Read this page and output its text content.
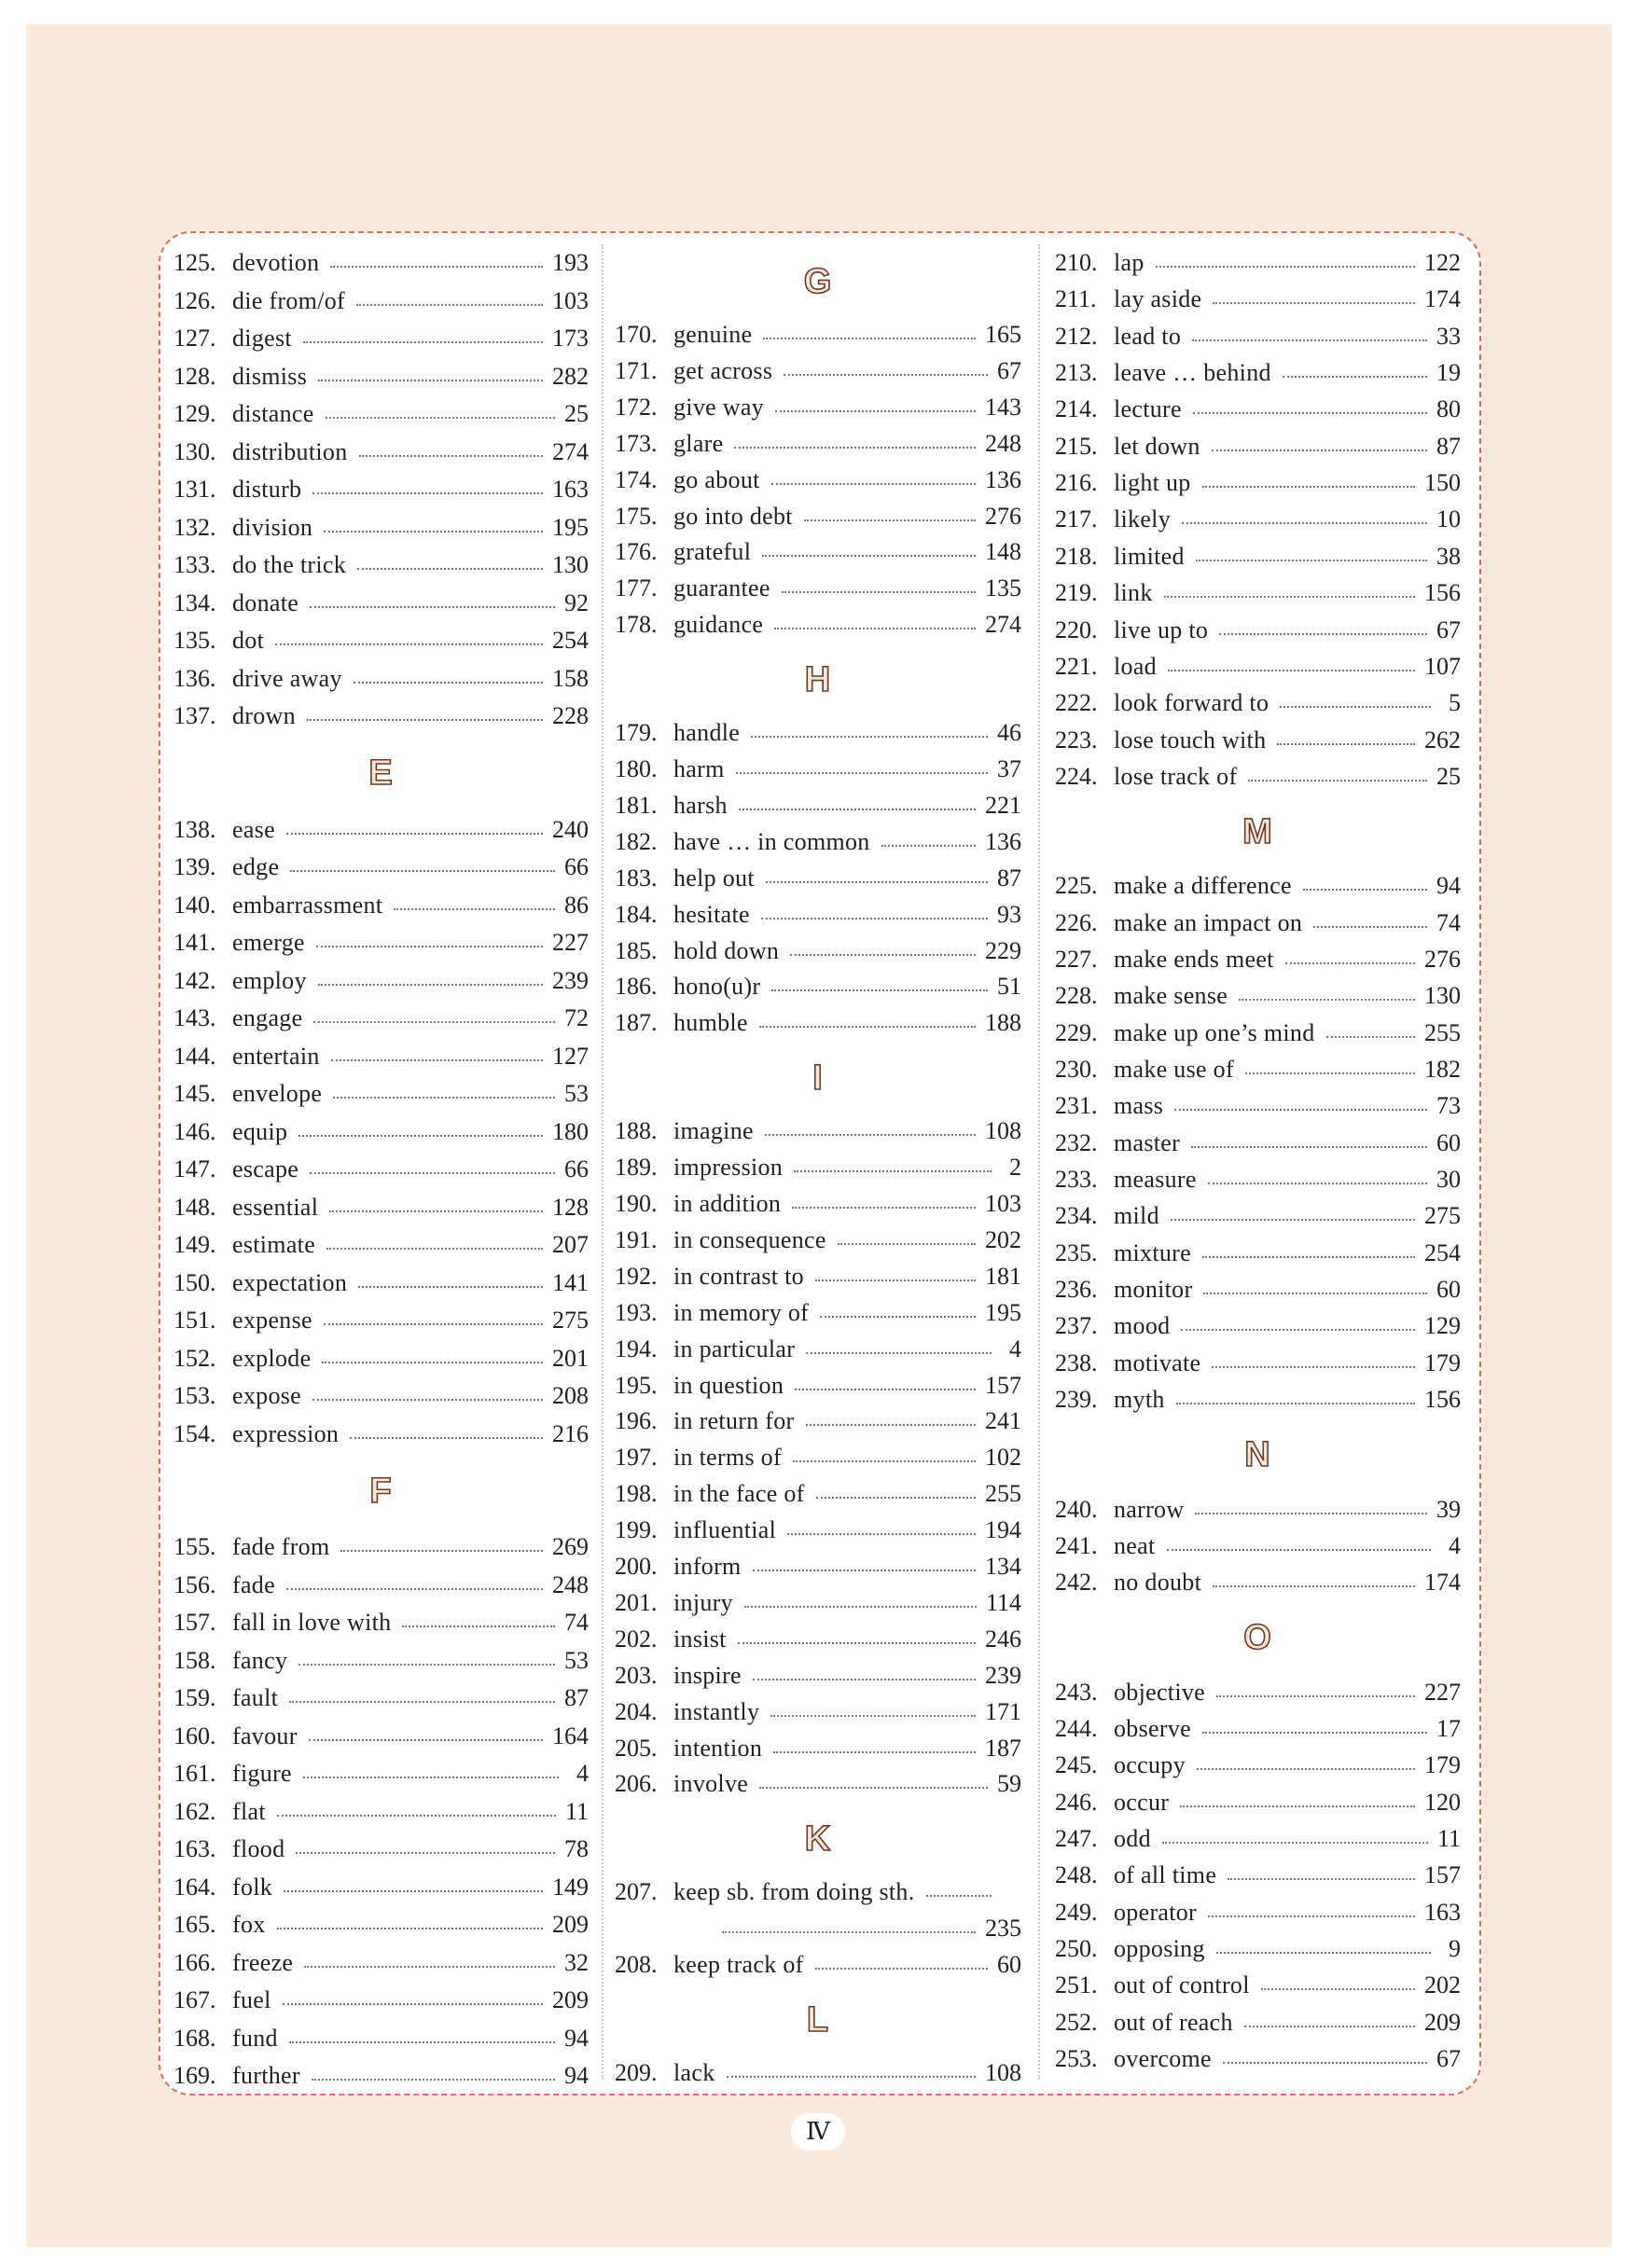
125. devotion	193
126. die from/of	103
127. digest	173
128. dismiss	282
129. distance	25
130. distribution	274
131. disturb	163
132. division	195
133. do the trick	130
134. donate	92
135. dot	254
136. drive away	158
137. drown	228
E
138. ease	240
139. edge	66
140. embarrassment	86
141. emerge	227
142. employ	239
143. engage	72
144. entertain	127
145. envelope	53
146. equip	180
147. escape	66
148. essential	128
149. estimate	207
150. expectation	141
151. expense	275
152. explode	201
153. expose	208
154. expression	216
F
155. fade from	269
156. fade	248
157. fall in love with	74
158. fancy	53
159. fault	87
160. favour	164
161. figure	4
162. flat	11
163. flood	78
164. folk	149
165. fox	209
166. freeze	32
167. fuel	209
168. fund	94
169. further	94
G
170. genuine	165
171. get across	67
172. give way	143
173. glare	248
174. go about	136
175. go into debt	276
176. grateful	148
177. guarantee	135
178. guidance	274
H
179. handle	46
180. harm	37
181. harsh	221
182. have … in common	136
183. help out	87
184. hesitate	93
185. hold down	229
186. hono(u)r	51
187. humble	188
I
188. imagine	108
189. impression	2
190. in addition	103
191. in consequence	202
192. in contrast to	181
193. in memory of	195
194. in particular	4
195. in question	157
196. in return for	241
197. in terms of	102
198. in the face of	255
199. influential	194
200. inform	134
201. injury	114
202. insist	246
203. inspire	239
204. instantly	171
205. intention	187
206. involve	59
K
207. keep sb. from doing sth.
235
208. keep track of	60
L
209. lack	108
210. lap	122
211. lay aside	174
212. lead to	33
213. leave … behind	19
214. lecture	80
215. let down	87
216. light up	150
217. likely	10
218. limited	38
219. link	156
220. live up to	67
221. load	107
222. look forward to	5
223. lose touch with	262
224. lose track of	25
M
225. make a difference	94
226. make an impact on	74
227. make ends meet	276
228. make sense	130
229. make up one’s mind	255
230. make use of	182
231. mass	73
232. master	60
233. measure	30
234. mild	275
235. mixture	254
236. monitor	60
237. mood	129
238. motivate	179
239. myth	156
N
240. narrow	39
241. neat	4
242. no doubt	174
O
243. objective	227
244. observe	17
245. occupy	179
246. occur	120
247. odd	11
248. of all time	157
249. operator	163
250. opposing	9
251. out of control	202
252. out of reach	209
253. overcome	67
Ⅳ
